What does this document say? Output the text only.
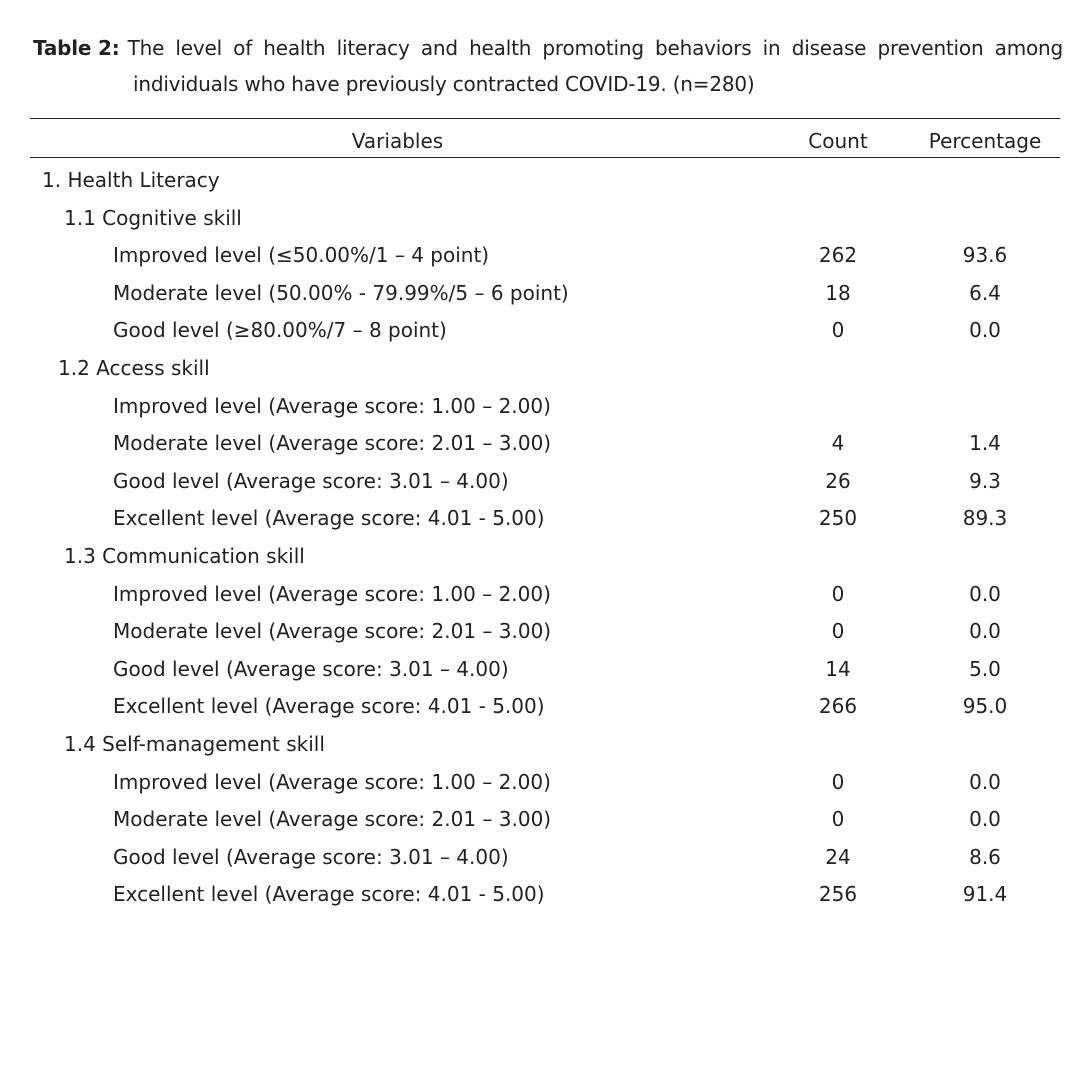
Table 2: The level of health literacy and health promoting behaviors in disease prevention among
individuals who have previously contracted COVID-19. (n=280)
Variables	Count	Percentage
1. Health Literacy
1.1 Cognitive skill
Improved level (≤50.00%/1 – 4 point)	262	93.6
Moderate level (50.00% - 79.99%/5 – 6 point)	18	6.4
Good level (≥80.00%/7 – 8 point)	0	0.0
1.2 Access skill
Improved level (Average score: 1.00 – 2.00)
Moderate level (Average score: 2.01 – 3.00)	4	1.4
Good level (Average score: 3.01 – 4.00)	26	9.3
Excellent level (Average score: 4.01 - 5.00)	250	89.3
1.3 Communication skill
Improved level (Average score: 1.00 – 2.00)	0	0.0
Moderate level (Average score: 2.01 – 3.00)	0	0.0
Good level (Average score: 3.01 – 4.00)	14	5.0
Excellent level (Average score: 4.01 - 5.00)	266	95.0
1.4 Self-management skill
Improved level (Average score: 1.00 – 2.00)	0	0.0
Moderate level (Average score: 2.01 – 3.00)	0	0.0
Good level (Average score: 3.01 – 4.00)	24	8.6
Excellent level (Average score: 4.01 - 5.00)	256	91.4
